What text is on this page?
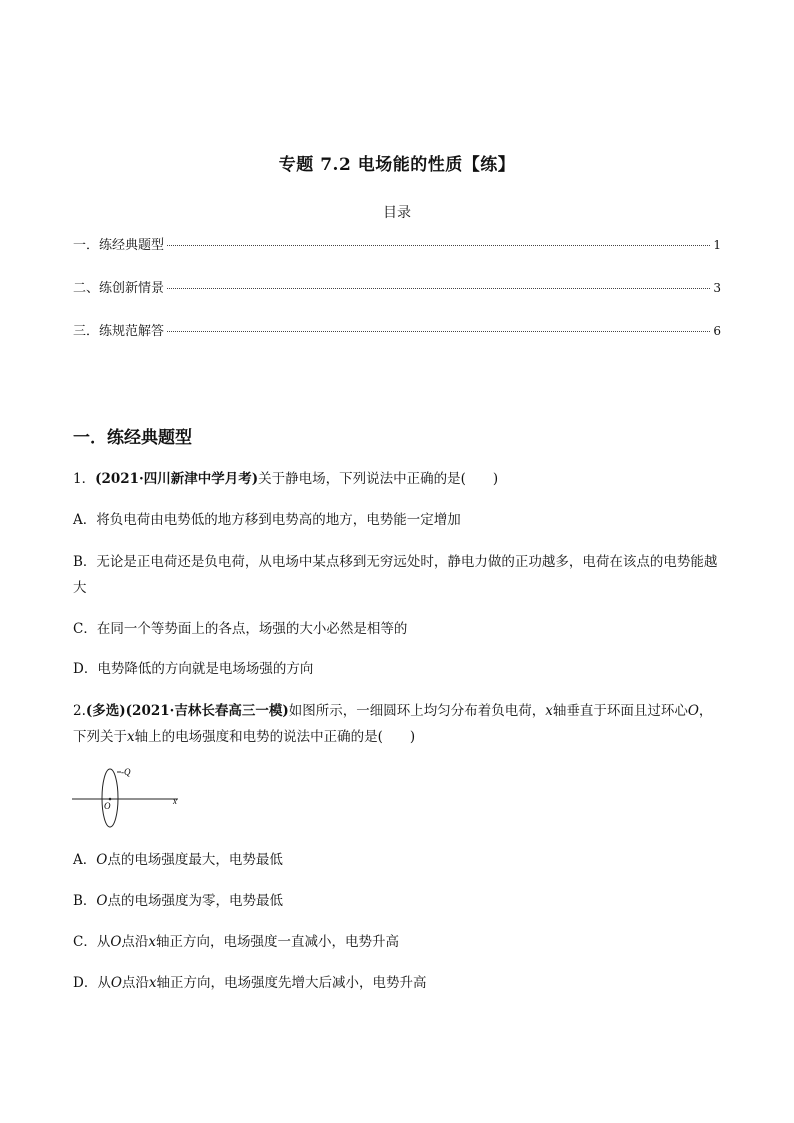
专题 7.2 电场能的性质【练】
目录
一．练经典题型	1
二、练创新情景	3
三．练规范解答	6
一．练经典题型
1．(2021·四川新津中学月考)关于静电场，下列说法中正确的是(　　)
A．将负电荷由电势低的地方移到电势高的地方，电势能一定增加
B．无论是正电荷还是负电荷，从电场中某点移到无穷远处时，静电力做的正功越多，电荷在该点的电势能越大
C．在同一个等势面上的各点，场强的大小必然是相等的
D．电势降低的方向就是电场场强的方向
2.(多选)(2021·吉林长春高三一模)如图所示，一细圆环上均匀分布着负电荷，x轴垂直于环面且过环心O，下列关于x轴上的电场强度和电势的说法中正确的是(　　)
-Q
O	x
A．O点的电场强度最大，电势最低
B．O点的电场强度为零，电势最低
C．从O点沿x轴正方向，电场强度一直减小，电势升高
D．从O点沿x轴正方向，电场强度先增大后减小，电势升高
